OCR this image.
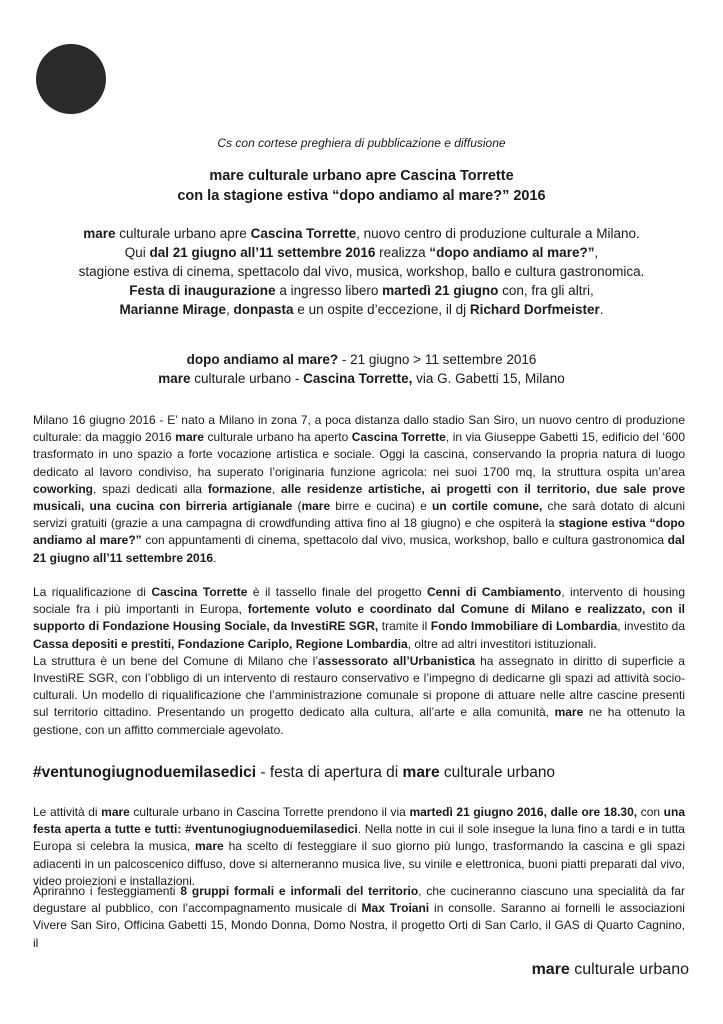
Cs con cortese preghiera di pubblicazione e diffusione
mare culturale urbano apre Cascina Torrette
con la stagione estiva “dopo andiamo al mare?” 2016
mare culturale urbano apre Cascina Torrette, nuovo centro di produzione culturale a Milano.
Qui dal 21 giugno all’11 settembre 2016 realizza “dopo andiamo al mare?”,
stagione estiva di cinema, spettacolo dal vivo, musica, workshop, ballo e cultura gastronomica.
Festa di inaugurazione a ingresso libero martedì 21 giugno con, fra gli altri,
Marianne Mirage, donpasta e un ospite d’eccezione, il dj Richard Dorfmeister.
dopo andiamo al mare? - 21 giugno > 11 settembre 2016
mare culturale urbano - Cascina Torrette, via G. Gabetti 15, Milano

Milano 16 giugno 2016 - E’ nato a Milano in zona 7, a poca distanza dallo stadio San Siro, un nuovo centro di produzione culturale: da maggio 2016 mare culturale urbano ha aperto Cascina Torrette, in via Giuseppe Gabetti 15, edificio del ‘600 trasformato in uno spazio a forte vocazione artistica e sociale. Oggi la cascina, conservando la propria natura di luogo dedicato al lavoro condiviso, ha superato l’originaria funzione agricola: nei suoi 1700 mq, la struttura ospita un’area coworking, spazi dedicati alla formazione, alle residenze artistiche, ai progetti con il territorio, due sale prove musicali, una cucina con birreria artigianale (mare birre e cucina) e un cortile comune, che sarà dotato di alcuni servizi gratuiti (grazie a una campagna di crowdfunding attiva fino al 18 giugno) e che ospiterà la stagione estiva “dopo andiamo al mare?” con appuntamenti di cinema, spettacolo dal vivo, musica, workshop, ballo e cultura gastronomica dal 21 giugno all’11 settembre 2016.

La riqualificazione di Cascina Torrette è il tassello finale del progetto Cenni di Cambiamento, intervento di housing sociale fra i più importanti in Europa, fortemente voluto e coordinato dal Comune di Milano e realizzato, con il supporto di Fondazione Housing Sociale, da InvestiRE SGR, tramite il Fondo Immobiliare di Lombardia, investito da Cassa depositi e prestiti, Fondazione Cariplo, Regione Lombardia, oltre ad altri investitori istituzionali.
La struttura è un bene del Comune di Milano che l’assessorato all’Urbanistica ha assegnato in diritto di superficie a InvestiRE SGR, con l’obbligo di un intervento di restauro conservativo e l’impegno di dedicarne gli spazi ad attività socio-culturali. Un modello di riqualificazione che l’amministrazione comunale si propone di attuare nelle altre cascine presenti sul territorio cittadino. Presentando un progetto dedicato alla cultura, all’arte e alla comunità, mare ne ha ottenuto la gestione, con un affitto commerciale agevolato.

#ventunogiugnoduemilasedici - festa di apertura di mare culturale urbano

Le attività di mare culturale urbano in Cascina Torrette prendono il via martedì 21 giugno 2016, dalle ore 18.30, con una festa aperta a tutte e tutti: #ventunogiugnoduemilasedici. Nella notte in cui il sole insegue la luna fino a tardi e in tutta Europa si celebra la musica, mare ha scelto di festeggiare il suo giorno più lungo, trasformando la cascina e gli spazi adiacenti in un palcoscenico diffuso, dove si alterneranno musica live, su vinile e elettronica, buoni piatti preparati dal vivo, video proiezioni e installazioni.

Apriranno i festeggiamenti 8 gruppi formali e informali del territorio, che cucineranno ciascuno una specialità da far degustare al pubblico, con l’accompagnamento musicale di Max Troiani in consolle. Saranno ai fornelli le associazioni Vivere San Siro, Officina Gabetti 15, Mondo Donna, Domo Nostra, il progetto Orti di San Carlo, il GAS di Quarto Cagnino, il

mare culturale urbano
